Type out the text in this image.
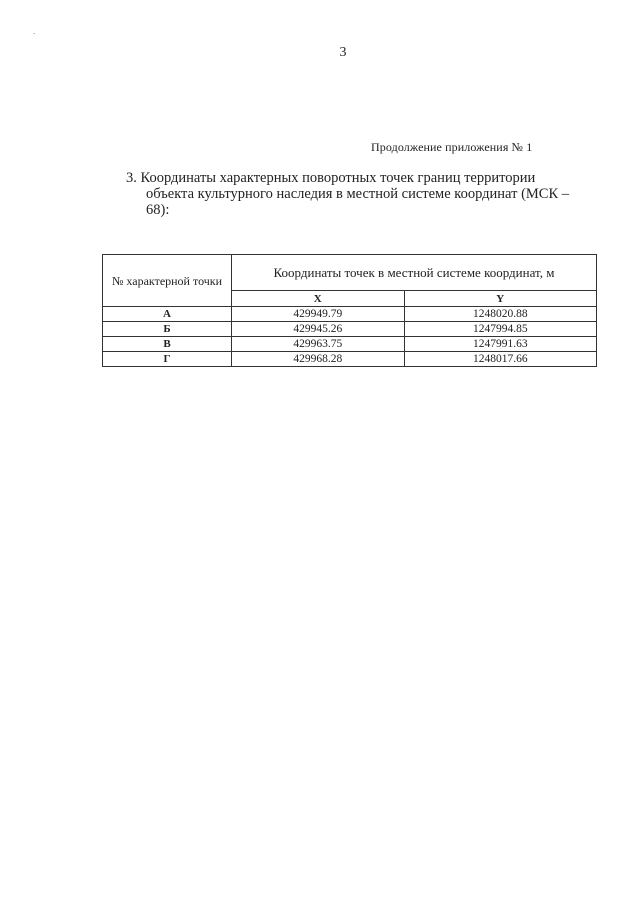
.
3
Продолжение приложения № 1
3. Координаты характерных поворотных точек границ территории
объекта культурного наследия в местной системе координат (МСК –
68):
№ характерной точки	Координаты точек в местной системе координат, м	
	X	Y
А	429949.79	1248020.88
Б	429945.26	1247994.85
В	429963.75	1247991.63
Г	429968.28	1248017.66
